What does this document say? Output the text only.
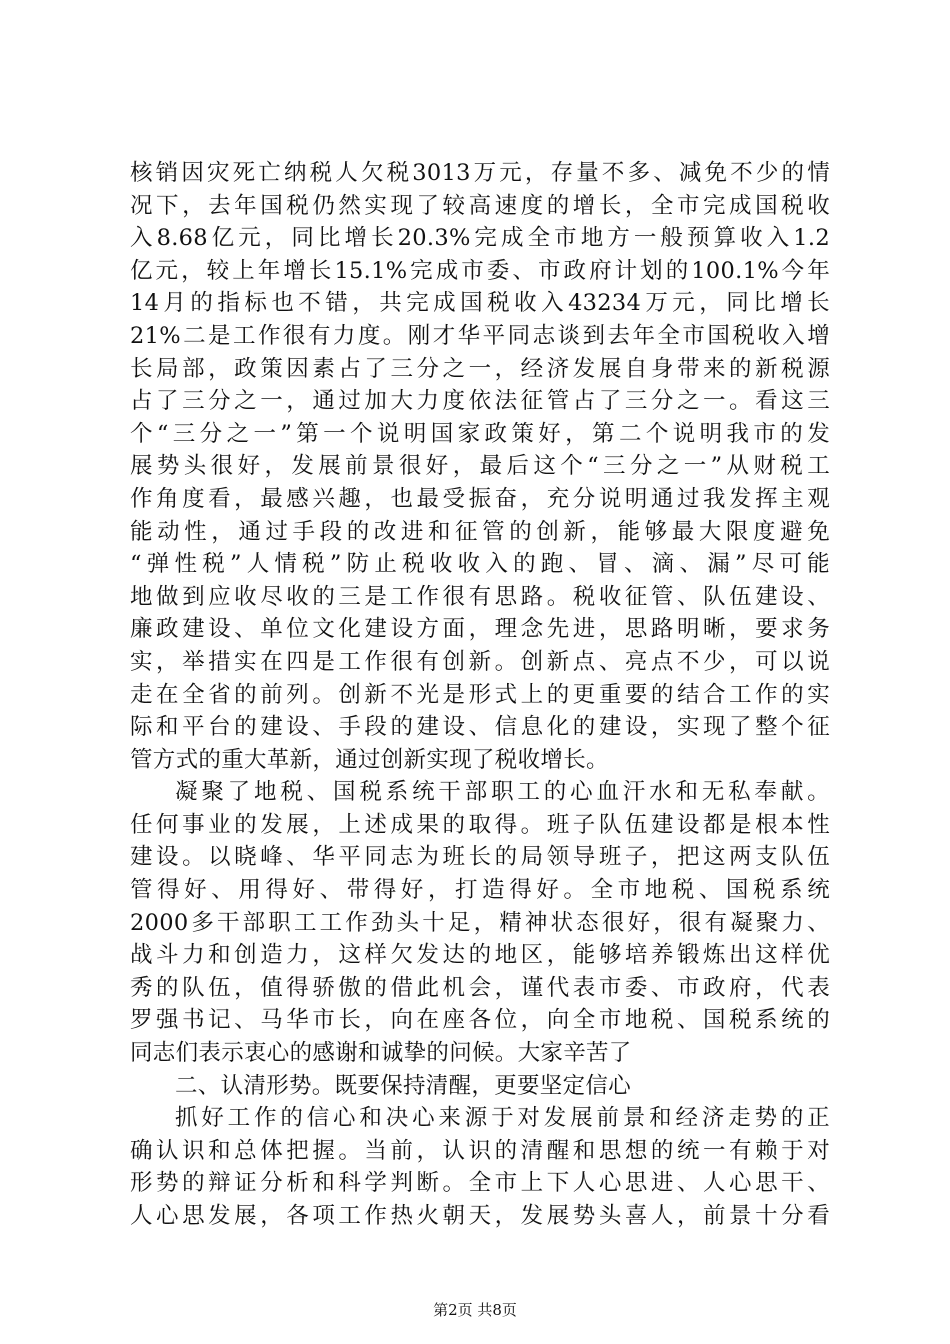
核销因灾死亡纳税人欠税3013万元，存量不多、减免不少的情
况下，去年国税仍然实现了较高速度的增长，全市完成国税收
入8.68亿元，同比增长20.3%完成全市地方一般预算收入1.2
亿元，较上年增长15.1%完成市委、市政府计划的100.1%今年
14月的指标也不错，共完成国税收入43234万元，同比增长
21%二是工作很有力度。刚才华平同志谈到去年全市国税收入增
长局部，政策因素占了三分之一，经济发展自身带来的新税源
占了三分之一，通过加大力度依法征管占了三分之一。看这三
个“三分之一”第一个说明国家政策好，第二个说明我市的发
展势头很好，发展前景很好，最后这个“三分之一”从财税工
作角度看，最感兴趣，也最受振奋，充分说明通过我发挥主观
能动性，通过手段的改进和征管的创新，能够最大限度避免
“弹性税”人情税”防止税收收入的跑、冒、滴、漏”尽可能
地做到应收尽收的三是工作很有思路。税收征管、队伍建设、
廉政建设、单位文化建设方面，理念先进，思路明晰，要求务
实，举措实在四是工作很有创新。创新点、亮点不少，可以说
走在全省的前列。创新不光是形式上的更重要的结合工作的实
际和平台的建设、手段的建设、信息化的建设，实现了整个征
管方式的重大革新，通过创新实现了税收增长。
凝聚了地税、国税系统干部职工的心血汗水和无私奉献。
任何事业的发展，上述成果的取得。班子队伍建设都是根本性
建设。以晓峰、华平同志为班长的局领导班子，把这两支队伍
管得好、用得好、带得好，打造得好。全市地税、国税系统
2000多干部职工工作劲头十足，精神状态很好，很有凝聚力、
战斗力和创造力，这样欠发达的地区，能够培养锻炼出这样优
秀的队伍，值得骄傲的借此机会，谨代表市委、市政府，代表
罗强书记、马华市长，向在座各位，向全市地税、国税系统的
同志们表示衷心的感谢和诚挚的问候。大家辛苦了
二、认清形势。既要保持清醒，更要坚定信心
抓好工作的信心和决心来源于对发展前景和经济走势的正
确认识和总体把握。当前，认识的清醒和思想的统一有赖于对
形势的辩证分析和科学判断。全市上下人心思进、人心思干、
人心思发展，各项工作热火朝天，发展势头喜人，前景十分看
第2页 共8页
